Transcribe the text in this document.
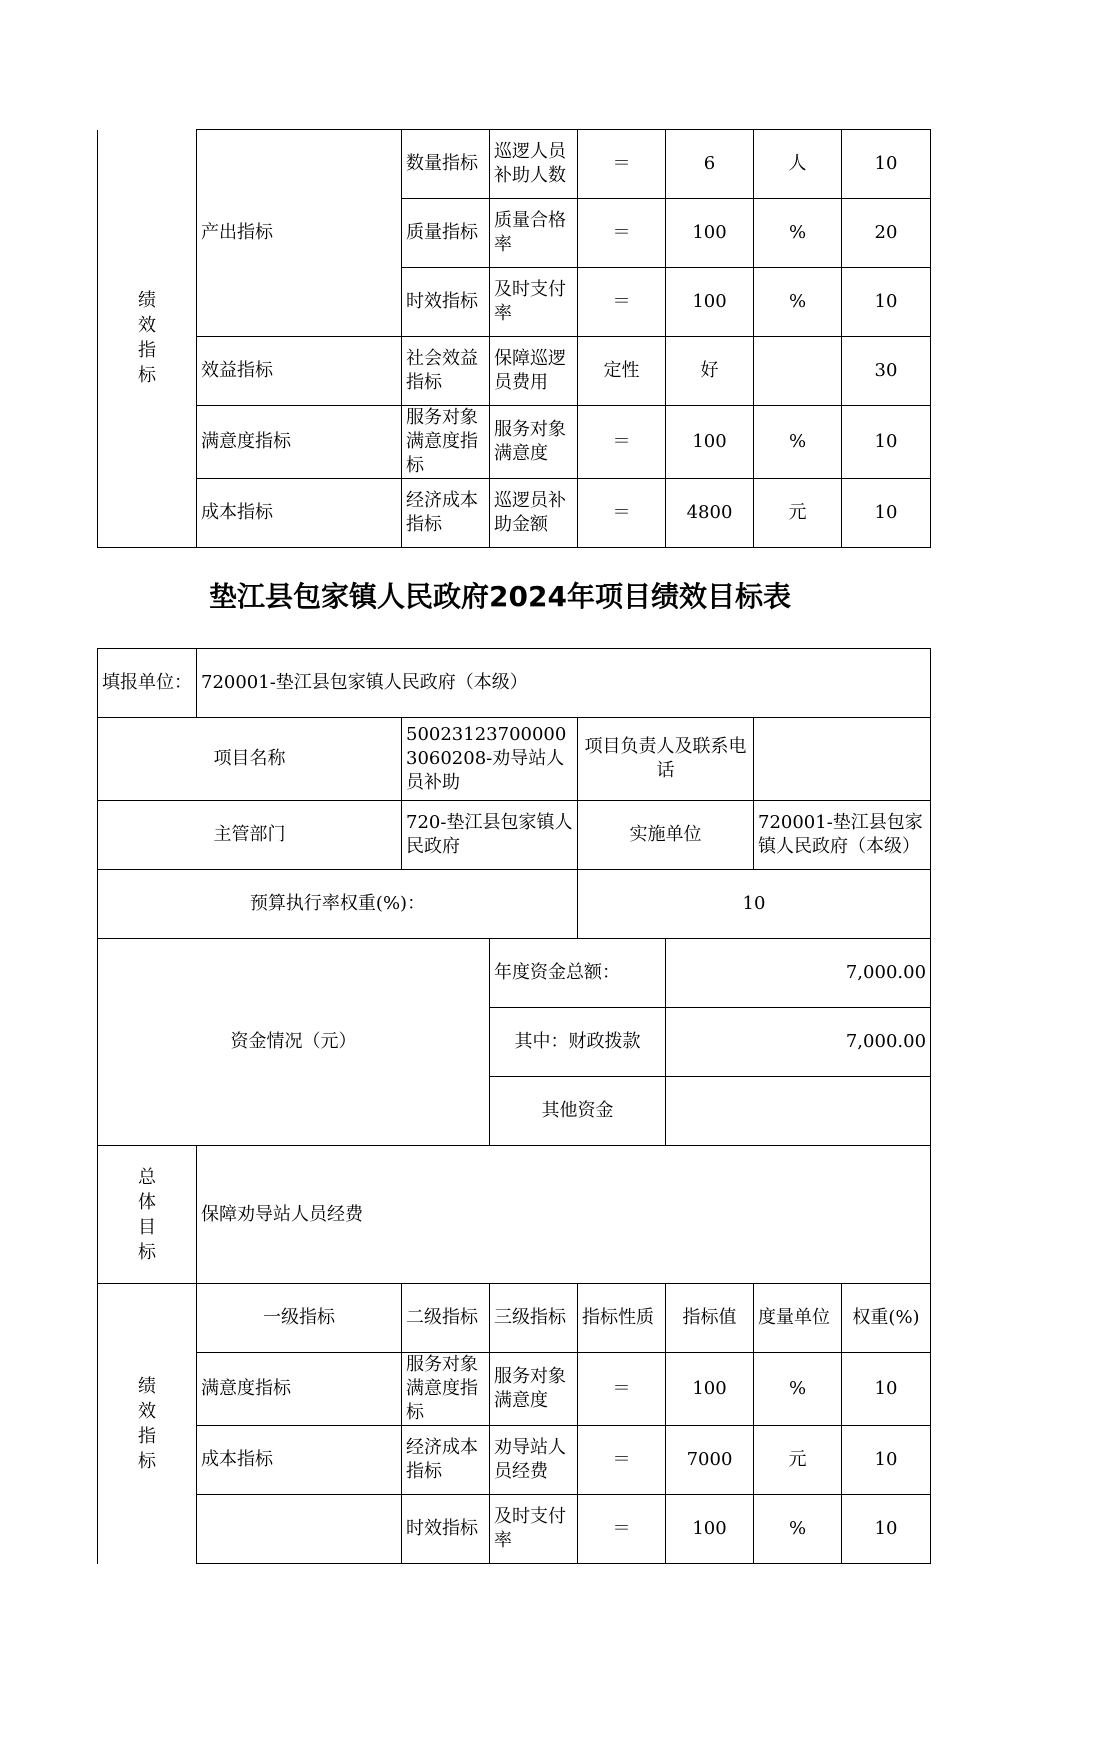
绩效指标	产出指标	数量指标	巡逻人员补助人数	＝	6	人	10
		质量指标	质量合格率	＝	100	%	20
		时效指标	及时支付率	＝	100	%	10
	效益指标	社会效益指标	保障巡逻员费用	定性	好		30
	满意度指标	服务对象满意度指标	服务对象满意度	＝	100	%	10
	成本指标	经济成本指标	巡逻员补助金额	＝	4800	元	10
垫江县包家镇人民政府2024年项目绩效目标表
填报单位：	720001-垫江县包家镇人民政府（本级）						
项目名称		500231237000003060208-劝导站人员补助		项目负责人及联系电话			
主管部门		720-垫江县包家镇人民政府		实施单位		720001-垫江县包家镇人民政府（本级）	
预算执行率权重(%)：				10			
资金情况（元）			年度资金总额：		7,000.00		
			其中：财政拨款		7,000.00		
			其他资金				
总体目标	保障劝导站人员经费						
绩效指标	一级指标	二级指标	三级指标	指标性质	指标值	度量单位	权重(%)
	满意度指标	服务对象满意度指标	服务对象满意度	＝	100	%	10
	成本指标	经济成本指标	劝导站人员经费	＝	7000	元	10
		时效指标	及时支付率	＝	100	%	10
